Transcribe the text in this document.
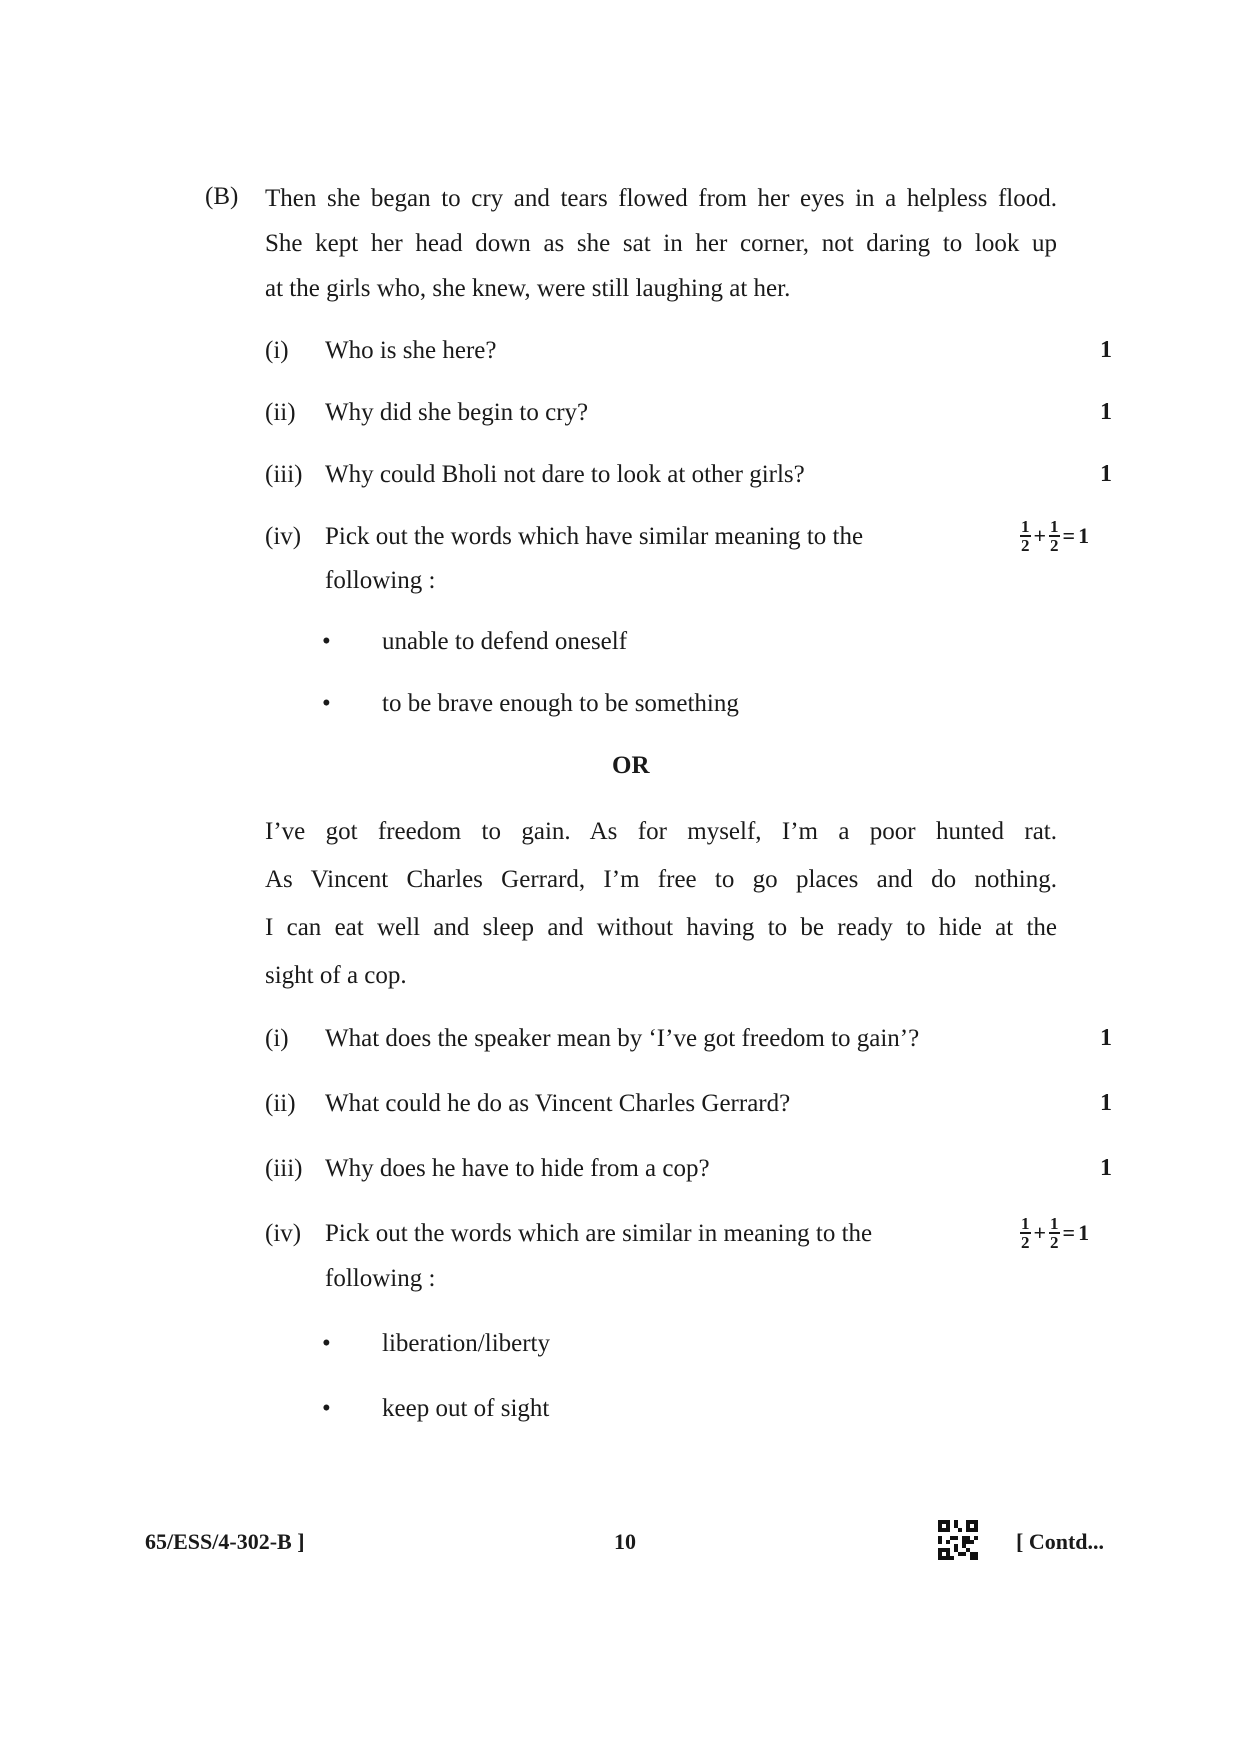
(B) Then she began to cry and tears flowed from her eyes in a helpless flood.
She kept her head down as she sat in her corner, not daring to look up
at the girls who, she knew, were still laughing at her.
(i) Who is she here?	1
(ii) Why did she begin to cry?	1
(iii) Why could Bholi not dare to look at other girls?	1
(iv) Pick out the words which have similar meaning to the
following :
$\frac{1}{2} + \frac{1}{2} = 1$
• unable to defend oneself
• to be brave enough to be something
OR
I’ve got freedom to gain. As for myself, I’m a poor hunted rat.
As Vincent Charles Gerrard, I’m free to go places and do nothing.
I can eat well and sleep and without having to be ready to hide at the
sight of a cop.
(i) What does the speaker mean by ‘I’ve got freedom to gain’?	1
(ii) What could he do as Vincent Charles Gerrard?	1
(iii) Why does he have to hide from a cop?	1
(iv) Pick out the words which are similar in meaning to the
following :
$\frac{1}{2} + \frac{1}{2} = 1$
• liberation/liberty
• keep out of sight
65/ESS/4-302-B ]	10	[ Contd...
